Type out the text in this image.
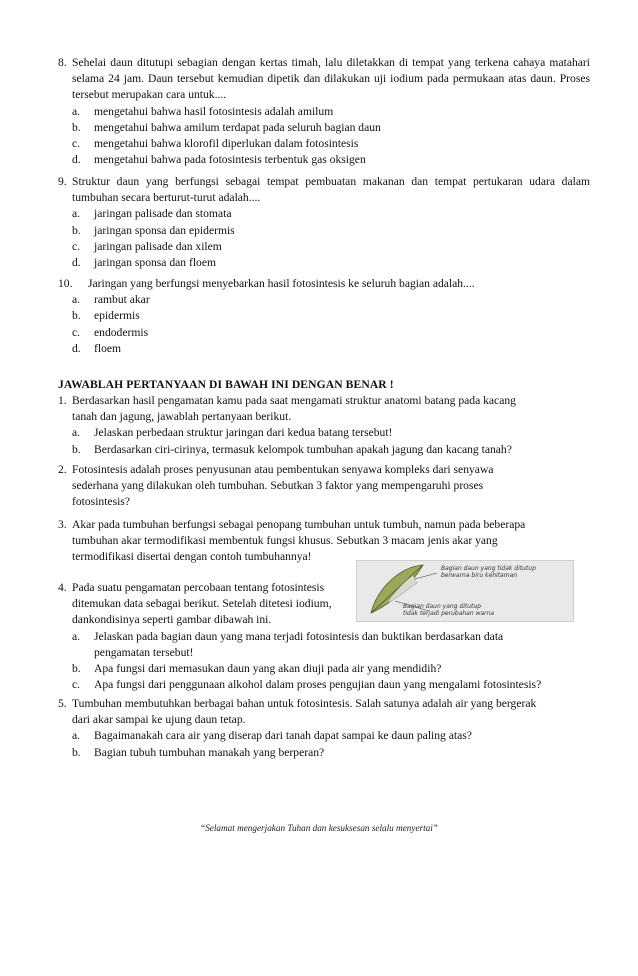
8. Sehelai daun ditutupi sebagian dengan kertas timah, lalu diletakkan di tempat yang terkena cahaya matahari selama 24 jam. Daun tersebut kemudian dipetik dan dilakukan uji iodium pada permukaan atas daun. Proses tersebut merupakan cara untuk....
a.	mengetahui bahwa hasil fotosintesis adalah amilum
b.	mengetahui bahwa amilum terdapat pada seluruh bagian daun
c.	mengetahui bahwa klorofil diperlukan dalam fotosintesis
d.	mengetahui bahwa pada fotosintesis terbentuk gas oksigen
9. Struktur daun yang berfungsi sebagai tempat pembuatan makanan dan tempat pertukaran udara dalam tumbuhan secara berturut-turut adalah....
a.	jaringan palisade dan stomata
b.	jaringan sponsa dan epidermis
c.	jaringan palisade dan xilem
d.	jaringan sponsa dan floem
10.	Jaringan yang berfungsi menyebarkan hasil fotosintesis ke seluruh bagian adalah....
a.	rambut akar
b.	epidermis
c.	endodermis
d.	floem
JAWABLAH PERTANYAAN DI BAWAH INI DENGAN BENAR !
1. Berdasarkan hasil pengamatan kamu pada saat mengamati struktur anatomi batang pada kacang
tanah dan jagung, jawablah pertanyaan berikut.
a.	Jelaskan perbedaan struktur jaringan dari kedua batang tersebut!
b.	Berdasarkan ciri-cirinya, termasuk kelompok tumbuhan apakah jagung dan kacang tanah?
2. Fotosintesis adalah proses penyusunan atau pembentukan senyawa kompleks dari senyawa
sederhana yang dilakukan oleh tumbuhan. Sebutkan 3 faktor yang mempengaruhi proses
fotosintesis?
3. Akar pada tumbuhan berfungsi sebagai penopang tumbuhan untuk tumbuh, namun pada beberapa
tumbuhan akar termodifikasi membentuk fungsi khusus. Sebutkan 3 macam jenis akar yang
termodifikasi disertai dengan contoh tumbuhannya!
Bagian daun yang tidak ditutup
berwarna biru kehitaman
Bagian daun yang ditutup
tidak terjadi perubahan warna
4. Pada suatu pengamatan percobaan tentang fotosintesis
ditemukan data sebagai berikut. Setelah ditetesi iodium,
dankondisinya seperti gambar dibawah ini.
a.	Jelaskan pada bagian daun yang mana terjadi fotosintesis dan buktikan berdasarkan data
pengamatan tersebut!
b.	Apa fungsi dari memasukan daun yang akan diuji pada air yang mendidih?
c.	Apa fungsi dari penggunaan alkohol dalam proses pengujian daun yang mengalami fotosintesis?
5. Tumbuhan membutuhkan berbagai bahan untuk fotosintesis. Salah satunya adalah air yang bergerak
dari akar sampai ke ujung daun tetap.
a.	Bagaimanakah cara air yang diserap dari tanah dapat sampai ke daun paling atas?
b.	Bagian tubuh tumbuhan manakah yang berperan?
“Selamat mengerjakan Tuhan dan kesuksesan selalu menyertai”
